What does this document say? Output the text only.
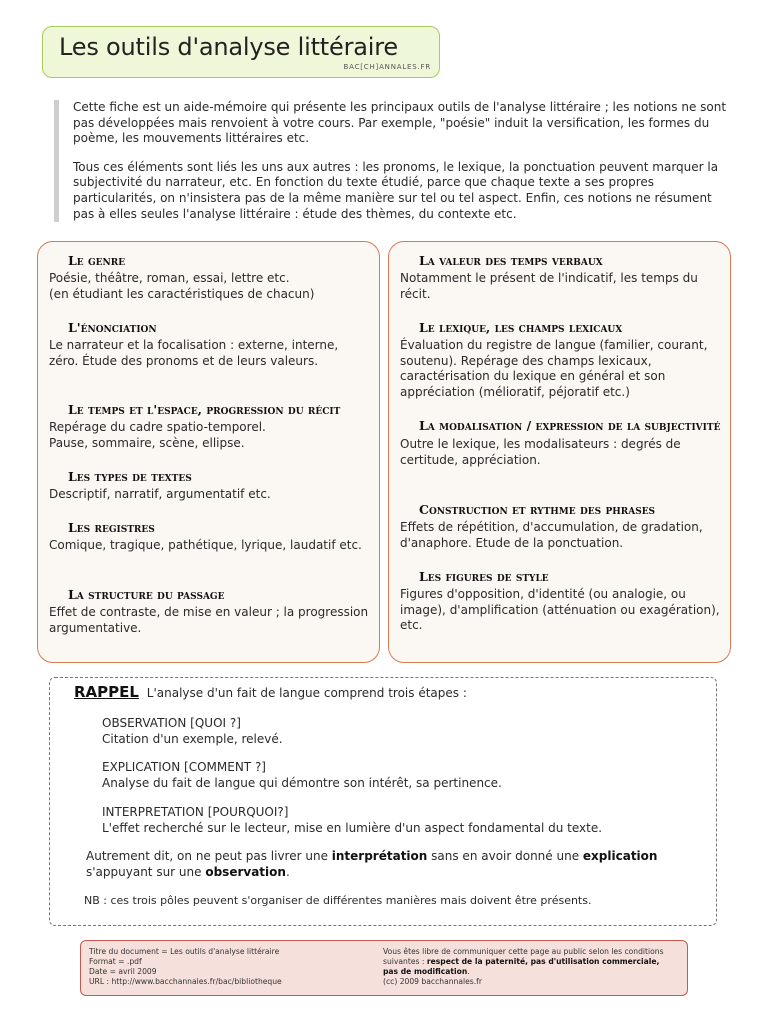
Les outils d'analyse littéraire
BAC[CH]ANNALES.FR

Cette fiche est un aide-mémoire qui présente les principaux outils de l'analyse littéraire ; les notions ne sont pas développées mais renvoient à votre cours. Par exemple, "poésie" induit la versification, les formes du poème, les mouvements littéraires etc.

Tous ces éléments sont liés les uns aux autres : les pronoms, le lexique, la ponctuation peuvent marquer la subjectivité du narrateur, etc. En fonction du texte étudié, parce que chaque texte a ses propres particularités, on n'insistera pas de la même manière sur tel ou tel aspect. Enfin, ces notions ne résument pas à elles seules l'analyse littéraire : étude des thèmes, du contexte etc.

Le genre

Poésie, théâtre, roman, essai, lettre etc.
(en étudiant les caractéristiques de chacun)

L'énonciation

Le narrateur et la focalisation : externe, interne, zéro. Étude des pronoms et de leurs valeurs.

Le temps et l'espace, progression du récit

Repérage du cadre spatio-temporel.
Pause, sommaire, scène, ellipse.

Les types de textes

Descriptif, narratif, argumentatif etc.

Les registres

Comique, tragique, pathétique, lyrique, laudatif etc.

La structure du passage

Effet de contraste, de mise en valeur ; la progression argumentative.

La valeur des temps verbaux

Notamment le présent de l'indicatif, les temps du récit.

Le lexique, les champs lexicaux

Évaluation du registre de langue (familier, courant, soutenu). Repérage des champs lexicaux, caractérisation du lexique en général et son appréciation (mélioratif, péjoratif etc.)

La modalisation / expression de la subjectivité

Outre le lexique, les modalisateurs : degrés de certitude, appréciation.

Construction et rythme des phrases

Effets de répétition, d'accumulation, de gradation, d'anaphore. Etude de la ponctuation.

Les figures de style

Figures d'opposition, d'identité (ou analogie, ou image), d'amplification (atténuation ou exagération), etc.

RAPPEL L'analyse d'un fait de langue comprend trois étapes :
OBSERVATION [QUOI ?]
Citation d'un exemple, relevé.
EXPLICATION [COMMENT ?]
Analyse du fait de langue qui démontre son intérêt, sa pertinence.
INTERPRETATION [POURQUOI?]
L'effet recherché sur le lecteur, mise en lumière d'un aspect fondamental du texte.
Autrement dit, on ne peut pas livrer une interprétation sans en avoir donné une explication
s'appuyant sur une observation.
NB : ces trois pôles peuvent s'organiser de différentes manières mais doivent être présents.
Titre du document = Les outils d'analyse littéraire
Format = .pdf
Date = avril 2009
URL : http://www.bacchannales.fr/bac/bibliotheque
Vous êtes libre de communiquer cette page au public selon les conditions suivantes : respect de la paternité, pas d'utilisation commerciale, pas de modification.
(cc) 2009 bacchannales.fr
